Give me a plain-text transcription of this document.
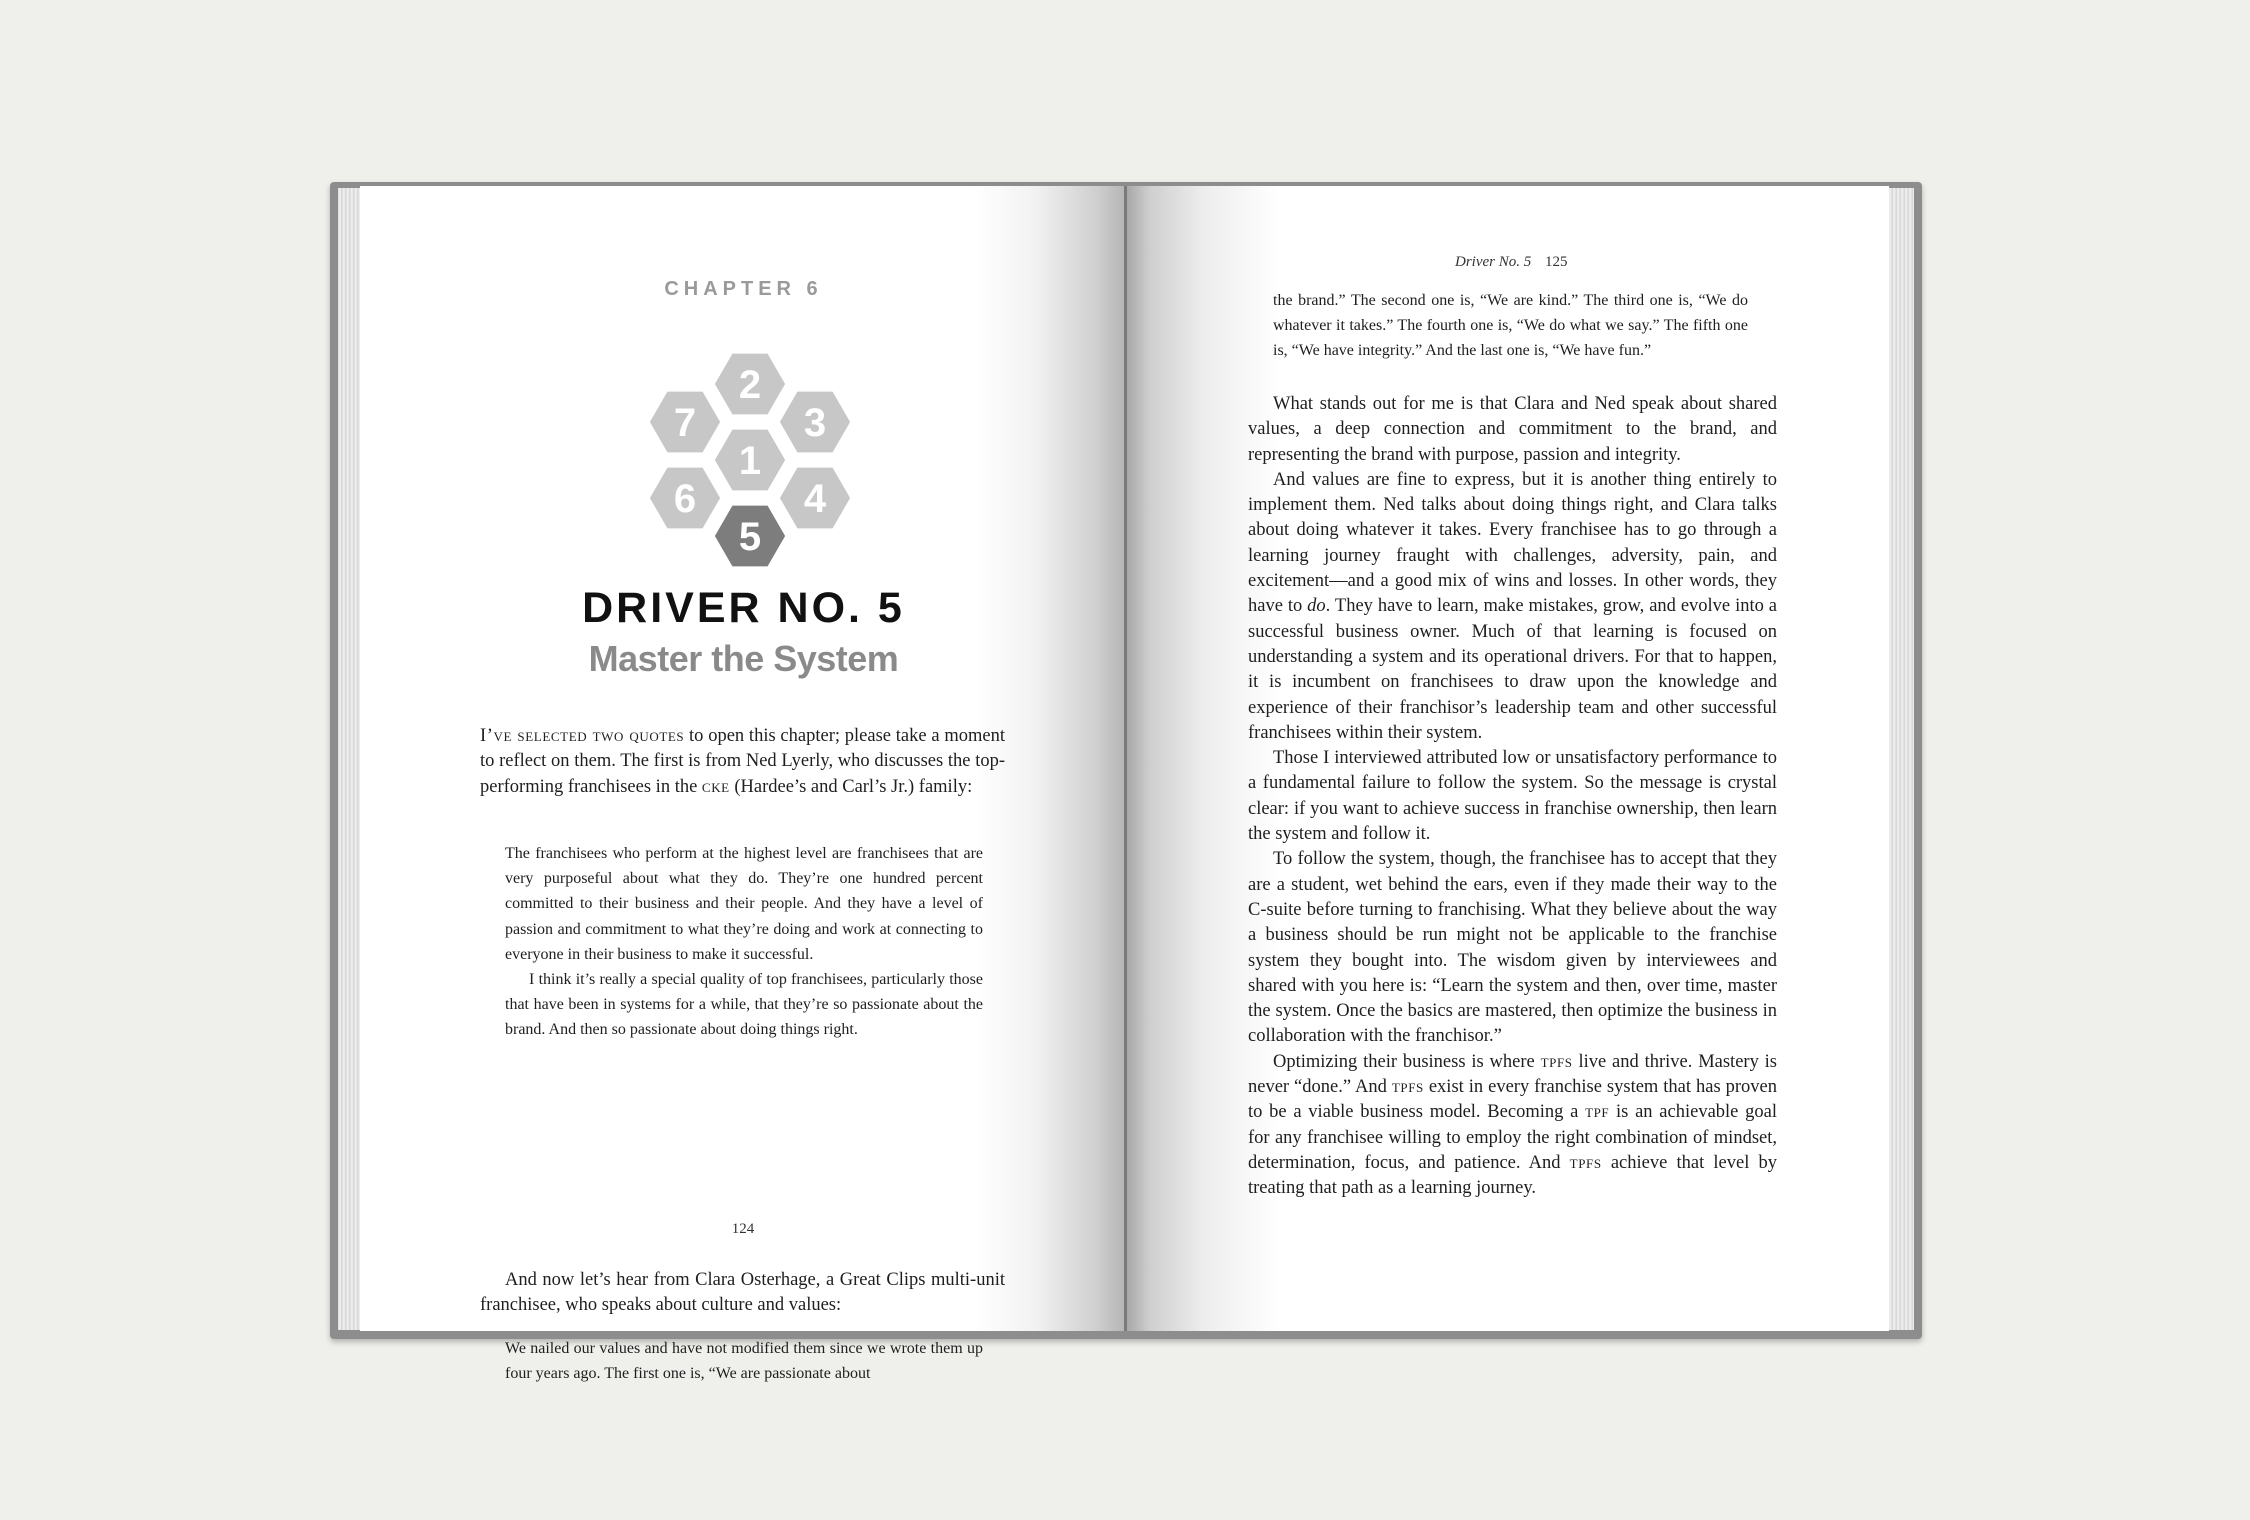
CHAPTER 6
2
7	3
1
6	4
5
DRIVER NO. 5
Master the System

I’ve selected two quotes to open this chapter; please take a moment to reflect on them. The first is from Ned Lyerly, who discusses the top-performing franchisees in the cke (Hardee’s and Carl’s Jr.) family:

The franchisees who perform at the highest level are franchisees that are very purposeful about what they do. They’re one hundred percent committed to their business and their people. And they have a level of passion and commitment to what they’re doing and work at connecting to everyone in their business to make it successful.

I think it’s really a special quality of top franchisees, particularly those that have been in systems for a while, that they’re so passionate about the brand. And then so passionate about doing things right.

And now let’s hear from Clara Osterhage, a Great Clips multi-unit franchisee, who speaks about culture and values:

We nailed our values and have not modified them since we wrote them up four years ago. The first one is, “We are passionate about

124
Driver No. 5 125

the brand.” The second one is, “We are kind.” The third one is, “We do whatever it takes.” The fourth one is, “We do what we say.” The fifth one is, “We have integrity.” And the last one is, “We have fun.”

What stands out for me is that Clara and Ned speak about shared values, a deep connection and commitment to the brand, and representing the brand with purpose, passion and integrity.

And values are fine to express, but it is another thing entirely to implement them. Ned talks about doing things right, and Clara talks about doing whatever it takes. Every franchisee has to go through a learning journey fraught with challenges, adversity, pain, and excitement—and a good mix of wins and losses. In other words, they have to do. They have to learn, make mistakes, grow, and evolve into a successful business owner. Much of that learning is focused on understanding a system and its operational drivers. For that to happen, it is incumbent on franchisees to draw upon the knowledge and experience of their franchisor’s leadership team and other successful franchisees within their system.

Those I interviewed attributed low or unsatisfactory performance to a fundamental failure to follow the system. So the message is crystal clear: if you want to achieve success in franchise ownership, then learn the system and follow it.

To follow the system, though, the franchisee has to accept that they are a student, wet behind the ears, even if they made their way to the C-suite before turning to franchising. What they believe about the way a business should be run might not be applicable to the franchise system they bought into. The wisdom given by interviewees and shared with you here is: “Learn the system and then, over time, master the system. Once the basics are mastered, then optimize the business in collaboration with the franchisor.”

Optimizing their business is where tpfs live and thrive. Mastery is never “done.” And tpfs exist in every franchise system that has proven to be a viable business model. Becoming a tpf is an achievable goal for any franchisee willing to employ the right combination of mindset, determination, focus, and patience. And tpfs achieve that level by treating that path as a learning journey.
